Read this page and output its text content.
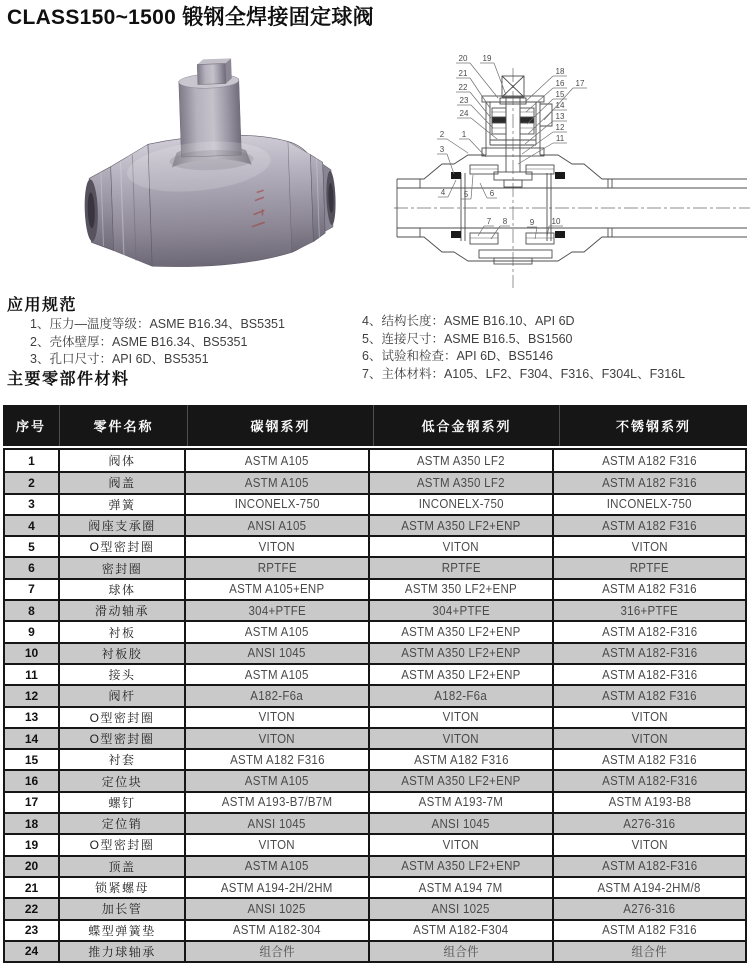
CLASS150~1500 锻钢全焊接固定球阀
20 19
21
22
23
24
18
16 17
15
14
13
12
11
2 1
3
4 5	6
7 8	9 10
应用规范
1、压力—温度等级：ASME B16.34、BS5351
2、壳体壁厚：ASME B16.34、BS5351
3、孔口尺寸：API 6D、BS5351
4、结构长度：ASME B16.10、API 6D
5、连接尺寸：ASME B16.5、BS1560
6、试验和检查：API 6D、BS5146
7、主体材料：A105、LF2、F304、F316、F304L、F316L
主要零部件材料
序号	零件名称	碳钢系列	低合金钢系列	不锈钢系列
1	阀体	ASTM A105	ASTM A350 LF2	ASTM A182 F316
2	阀盖	ASTM A105	ASTM A350 LF2	ASTM A182 F316
3	弹簧	INCONELX-750	INCONELX-750	INCONELX-750
4	阀座支承圈	ANSI A105	ASTM A350 LF2+ENP	ASTM A182 F316
5	O型密封圈	VITON	VITON	VITON
6	密封圈	RPTFE	RPTFE	RPTFE
7	球体	ASTM A105+ENP	ASTM 350 LF2+ENP	ASTM A182 F316
8	滑动轴承	304+PTFE	304+PTFE	316+PTFE
9	衬板	ASTM A105	ASTM A350 LF2+ENP	ASTM A182-F316
10	衬板胶	ANSI 1045	ASTM A350 LF2+ENP	ASTM A182-F316
11	接头	ASTM A105	ASTM A350 LF2+ENP	ASTM A182-F316
12	阀杆	A182-F6a	A182-F6a	ASTM A182 F316
13	O型密封圈	VITON	VITON	VITON
14	O型密封圈	VITON	VITON	VITON
15	衬套	ASTM A182 F316	ASTM A182 F316	ASTM A182 F316
16	定位块	ASTM A105	ASTM A350 LF2+ENP	ASTM A182-F316
17	螺钉	ASTM A193-B7/B7M	ASTM A193-7M	ASTM A193-B8
18	定位销	ANSI 1045	ANSI 1045	A276-316
19	O型密封圈	VITON	VITON	VITON
20	顶盖	ASTM A105	ASTM A350 LF2+ENP	ASTM A182-F316
21	锁紧螺母	ASTM A194-2H/2HM	ASTM A194 7M	ASTM A194-2HM/8
22	加长管	ANSI 1025	ANSI 1025	A276-316
23	蝶型弹簧垫	ASTM A182-304	ASTM A182-F304	ASTM A182 F316
24	推力球轴承	组合件	组合件	组合件
